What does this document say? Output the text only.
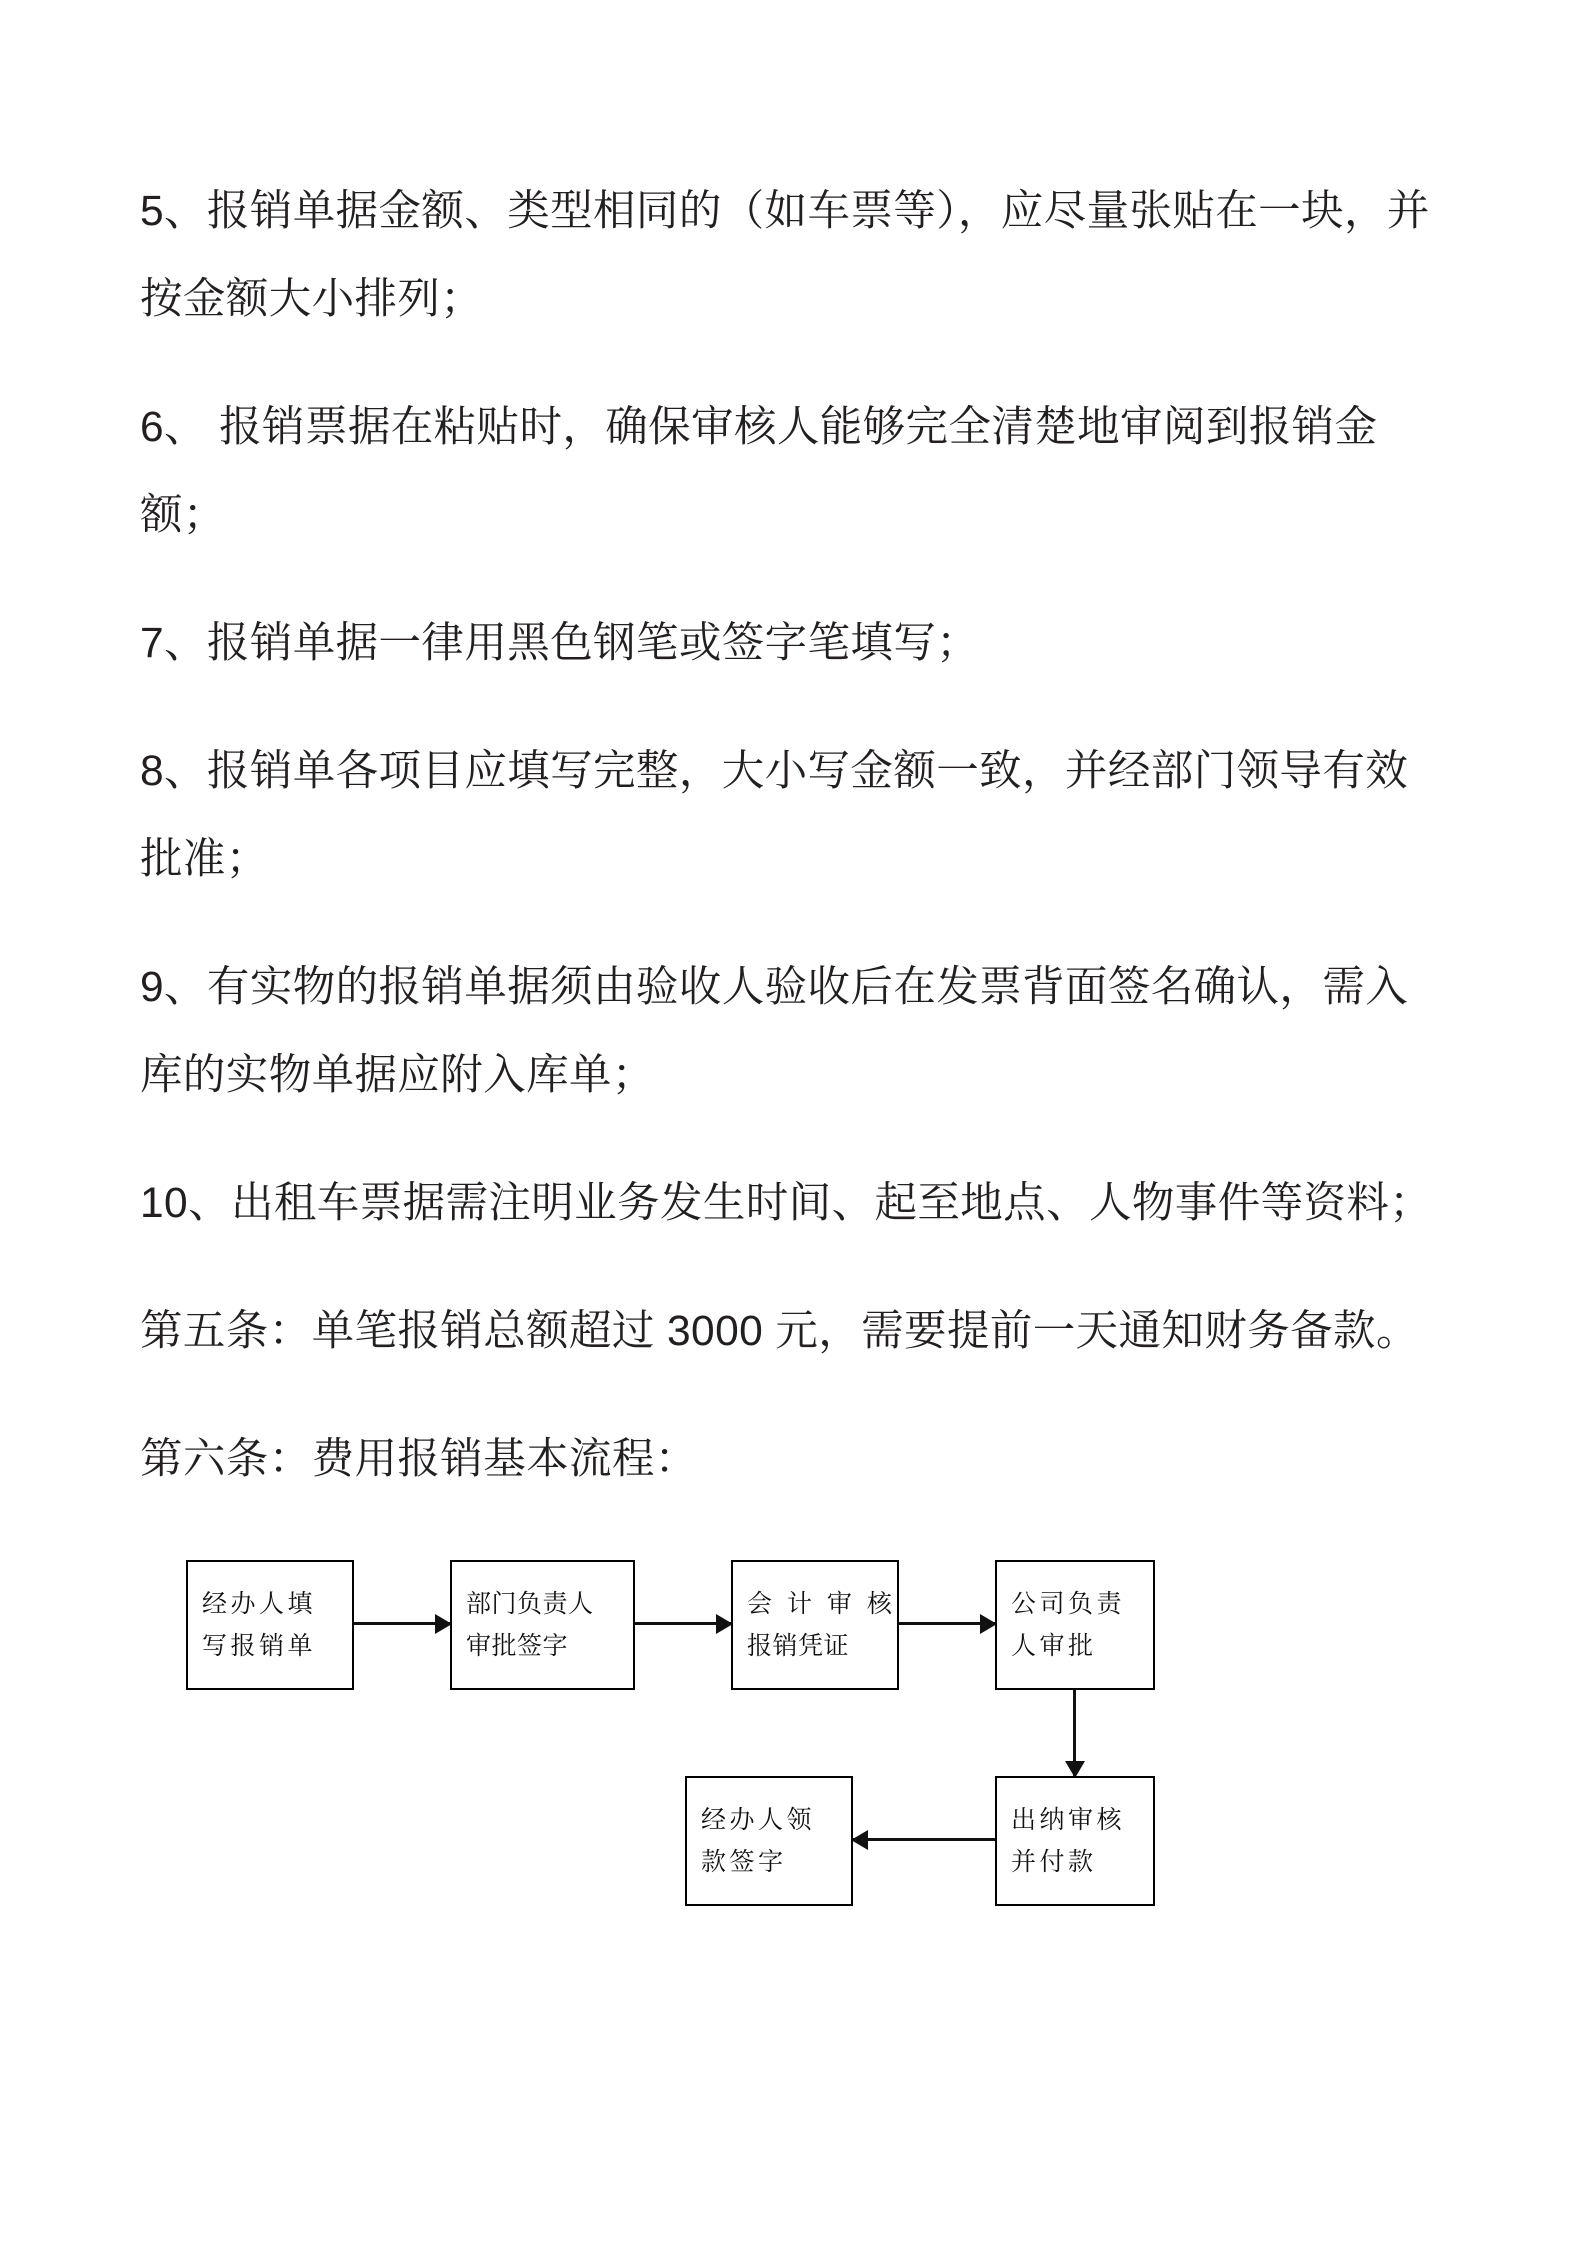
5、报销单据金额、类型相同的（如车票等），应尽量张贴在一块，并按金额大小排列；

6、 报销票据在粘贴时，确保审核人能够完全清楚地审阅到报销金额；

7、报销单据一律用黑色钢笔或签字笔填写；

8、报销单各项目应填写完整，大小写金额一致，并经部门领导有效批准；

9、有实物的报销单据须由验收人验收后在发票背面签名确认，需入库的实物单据应附入库单；

10、出租车票据需注明业务发生时间、起至地点、人物事件等资料；

第五条：单笔报销总额超过 3000 元，需要提前一天通知财务备款。

第六条：费用报销基本流程：

经办人填
写报销单
部门负责人
审批签字
会 计 审 核
报销凭证
公司负责
人审批
出纳审核
并付款
经办人领
款签字
